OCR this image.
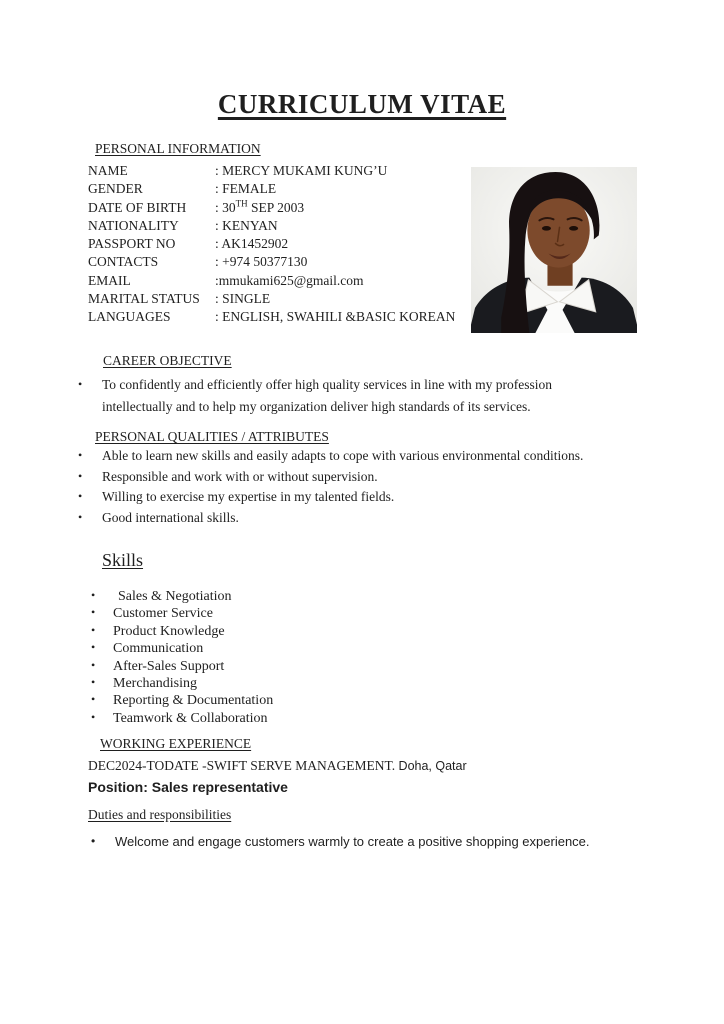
CURRICULUM VITAE
PERSONAL INFORMATION
NAME	: MERCY MUKAMI KUNG’U
GENDER	: FEMALE
DATE OF BIRTH : 30TH SEP 2003
NATIONALITY	: KENYAN
PASSPORT NO	: AK1452902
CONTACTS	: +974 50377130
EMAIL	:mmukami625@gmail.com
MARITAL STATUS : SINGLE
LANGUAGES	: ENGLISH, SWAHILI &BASIC KOREAN
CAREER OBJECTIVE
•
To confidently and efficiently offer high quality services in line with my profession intellectually and to help my organization deliver high standards of its services.
PERSONAL QUALITIES / ATTRIBUTES
•
Able to learn new skills and easily adapts to cope with various environmental conditions.
•
Responsible and work with or without supervision.
•
Willing to exercise my expertise in my talented fields.
•
Good international skills.
Skills
•
Sales & Negotiation
•
Customer Service
•
Product Knowledge
•
Communication
•
After-Sales Support
•
Merchandising
•
Reporting & Documentation
•
Teamwork & Collaboration
WORKING EXPERIENCE
DEC2024-TODATE -SWIFT SERVE MANAGEMENT. Doha, Qatar
Position: Sales representative
Duties and responsibilities
•
Welcome and engage customers warmly to create a positive shopping experience.
